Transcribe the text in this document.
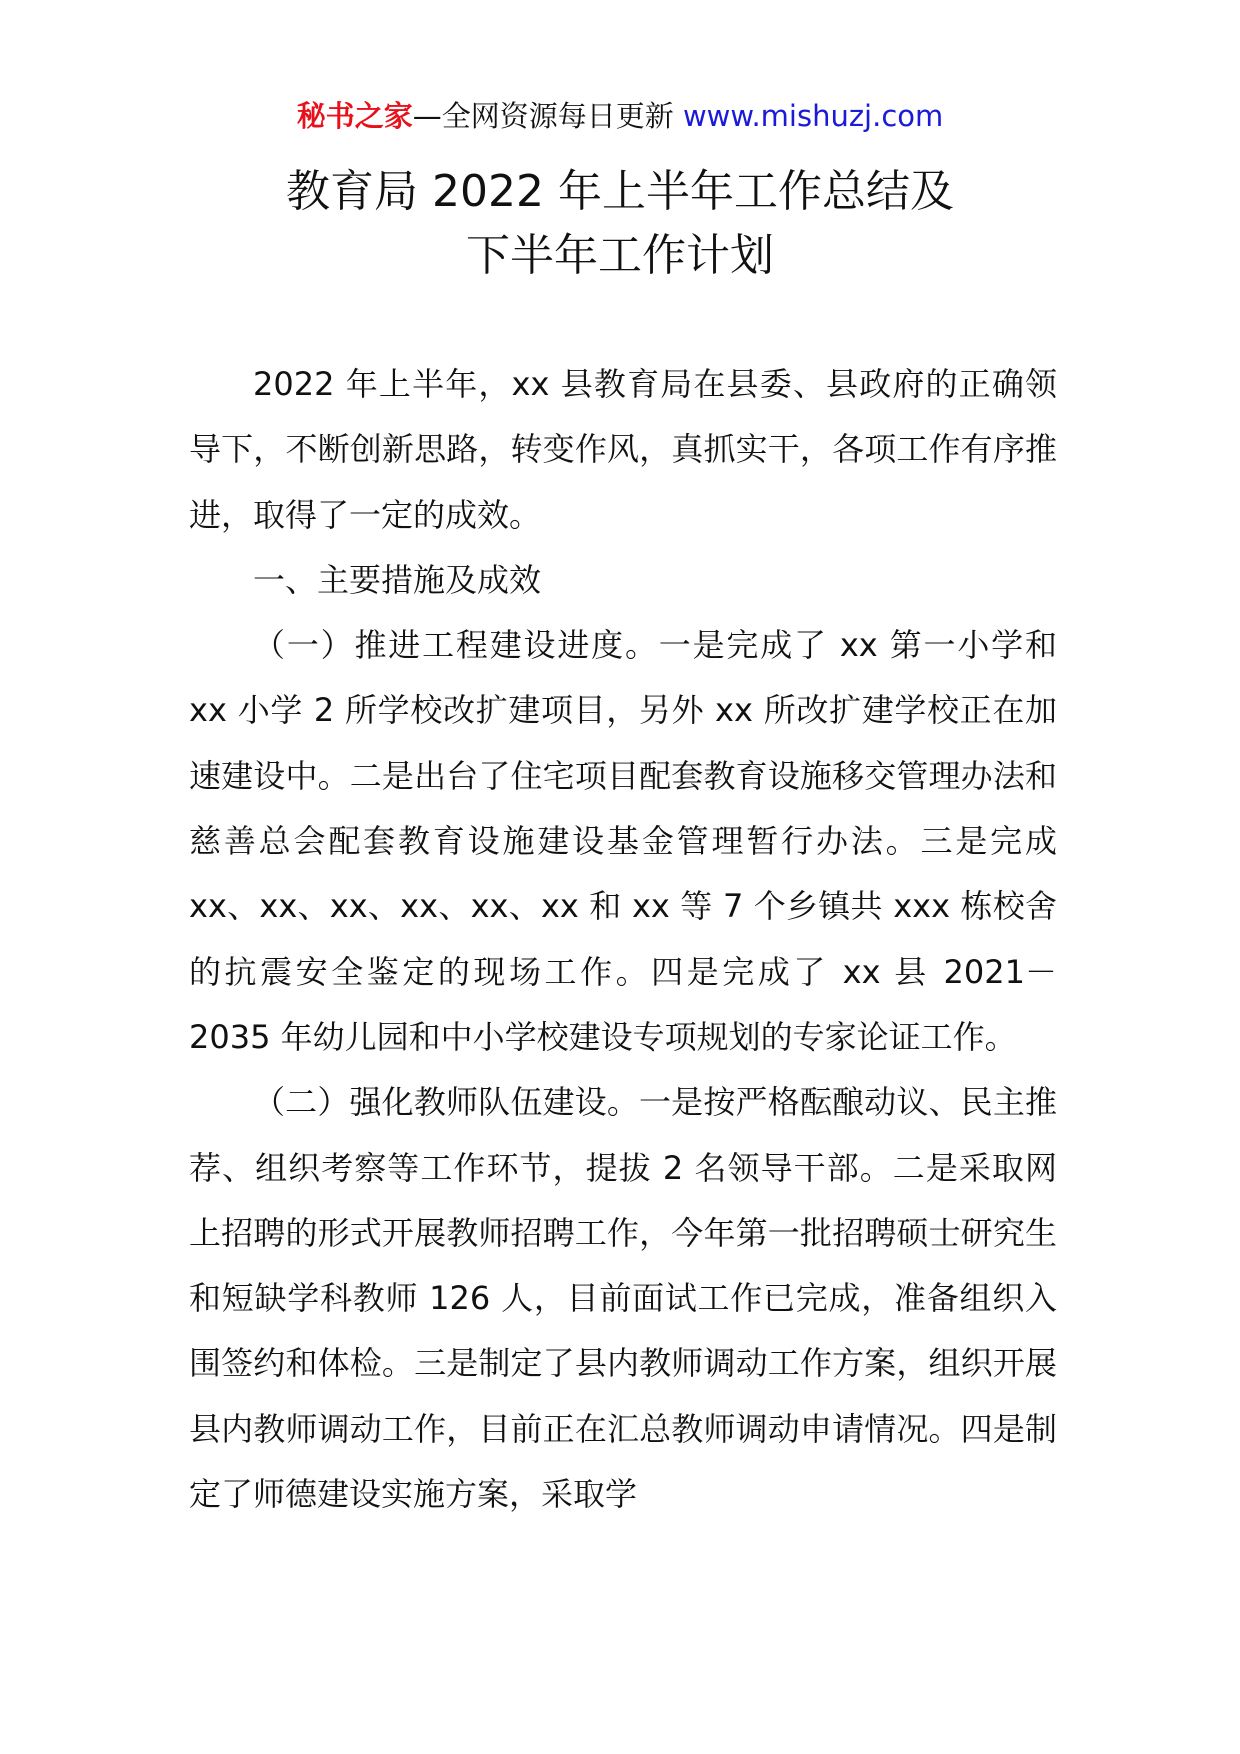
秘书之家—全网资源每日更新 www.mishuzj.com
教育局 2022 年上半年工作总结及
下半年工作计划

2022 年上半年，xx 县教育局在县委、县政府的正确领导下，不断创新思路，转变作风，真抓实干，各项工作有序推进，取得了一定的成效。

一、主要措施及成效

（一）推进工程建设进度。一是完成了 xx 第一小学和 xx 小学 2 所学校改扩建项目，另外 xx 所改扩建学校正在加速建设中。二是出台了住宅项目配套教育设施移交管理办法和慈善总会配套教育设施建设基金管理暂行办法。三是完成 xx、xx、xx、xx、xx、xx 和 xx 等 7 个乡镇共 xxx 栋校舍的抗震安全鉴定的现场工作。四是完成了 xx 县 2021－2035 年幼儿园和中小学校建设专项规划的专家论证工作。

（二）强化教师队伍建设。一是按严格酝酿动议、民主推荐、组织考察等工作环节，提拔 2 名领导干部。二是采取网上招聘的形式开展教师招聘工作，今年第一批招聘硕士研究生和短缺学科教师 126 人，目前面试工作已完成，准备组织入围签约和体检。三是制定了县内教师调动工作方案，组织开展县内教师调动工作，目前正在汇总教师调动申请情况。四是制定了师德建设实施方案，采取学
